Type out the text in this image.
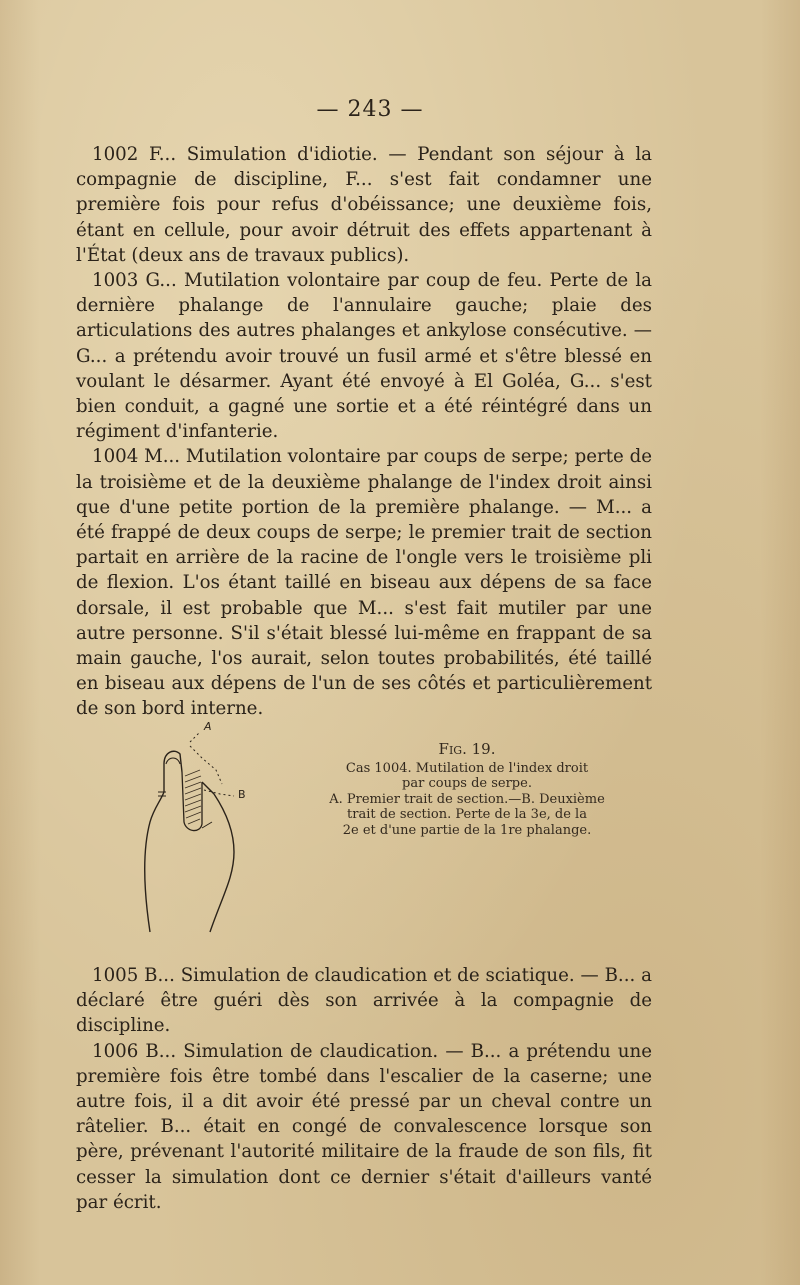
— 243 —

1002 F... Simulation d'idiotie. — Pendant son séjour à la compagnie de discipline, F... s'est fait condamner une première fois pour refus d'obéissance; une deuxième fois, étant en cellule, pour avoir détruit des effets appartenant à l'État (deux ans de travaux publics).

1003 G... Mutilation volontaire par coup de feu. Perte de la dernière phalange de l'annulaire gauche; plaie des articulations des autres phalanges et ankylose consécutive. — G... a prétendu avoir trouvé un fusil armé et s'être blessé en voulant le désarmer. Ayant été envoyé à El Goléa, G... s'est bien conduit, a gagné une sortie et a été réintégré dans un régiment d'infanterie.

1004 M... Mutilation volontaire par coups de serpe; perte de la troisième et de la deuxième phalange de l'index droit ainsi que d'une petite portion de la première phalange. — M... a été frappé de deux coups de serpe; le premier trait de section partait en arrière de la racine de l'ongle vers le troisième pli de flexion. L'os étant taillé en biseau aux dépens de sa face dorsale, il est probable que M... s'est fait mutiler par une autre personne. S'il s'était blessé lui-même en frappant de sa main gauche, l'os aurait, selon toutes probabilités, été taillé en biseau aux dépens de l'un de ses côtés et particulièrement de son bord interne.

A
B
Fig. 19.
Cas 1004. Mutilation de l'index droit
par coups de serpe.
A. Premier trait de section.—B. Deuxième
trait de section. Perte de la 3e, de la
2e et d'une partie de la 1re phalange.

1005 B... Simulation de claudication et de sciatique. — B... a déclaré être guéri dès son arrivée à la compagnie de discipline.

1006 B... Simulation de claudication. — B... a prétendu une première fois être tombé dans l'escalier de la caserne; une autre fois, il a dit avoir été pressé par un cheval contre un râtelier. B... était en congé de convalescence lorsque son père, prévenant l'autorité militaire de la fraude de son fils, fit cesser la simulation dont ce dernier s'était d'ailleurs vanté par écrit.
